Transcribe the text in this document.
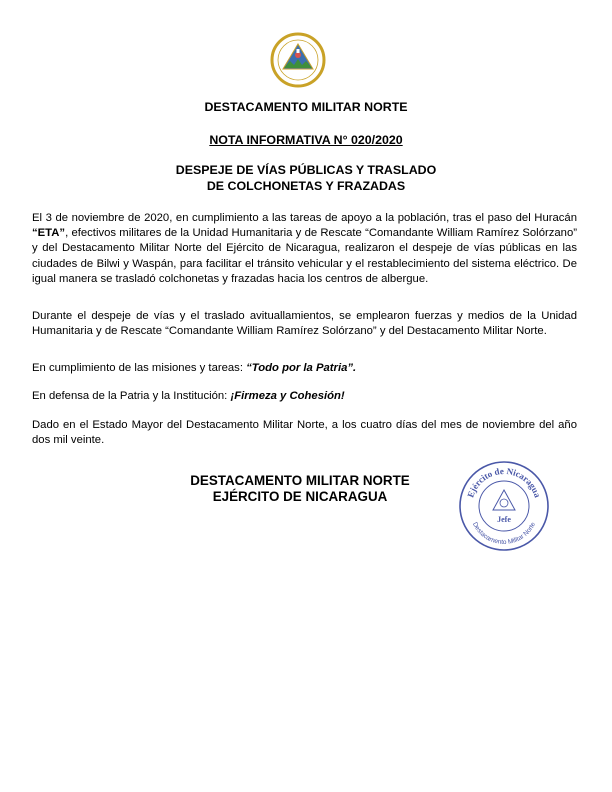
DESTACAMENTO MILITAR NORTE
NOTA INFORMATIVA N° 020/2020
DESPEJE DE VÍAS PÚBLICAS Y TRASLADO
DE COLCHONETAS Y FRAZADAS
El 3 de noviembre de 2020, en cumplimiento a las tareas de apoyo a la población, tras el paso del Huracán “ETA”, efectivos militares de la Unidad Humanitaria y de Rescate “Comandante William Ramírez Solórzano” y del Destacamento Militar Norte del Ejército de Nicaragua, realizaron el despeje de vías públicas en las ciudades de Bilwi y Waspán, para facilitar el tránsito vehicular y el restablecimiento del sistema eléctrico. De igual manera se trasladó colchonetas y frazadas hacia los centros de albergue.
Durante el despeje de vías y el traslado avituallamientos, se emplearon fuerzas y medios de la Unidad Humanitaria y de Rescate “Comandante William Ramírez Solórzano” y del Destacamento Militar Norte.
En cumplimiento de las misiones y tareas: “Todo por la Patria”.
En defensa de la Patria y la Institución: ¡Firmeza y Cohesión!
Dado en el Estado Mayor del Destacamento Militar Norte, a los cuatro días del mes de noviembre del año dos mil veinte.
DESTACAMENTO MILITAR NORTE
EJÉRCITO DE NICARAGUA	Ejército de Nicaragua
Destacamento Militar Norte
Jefe
